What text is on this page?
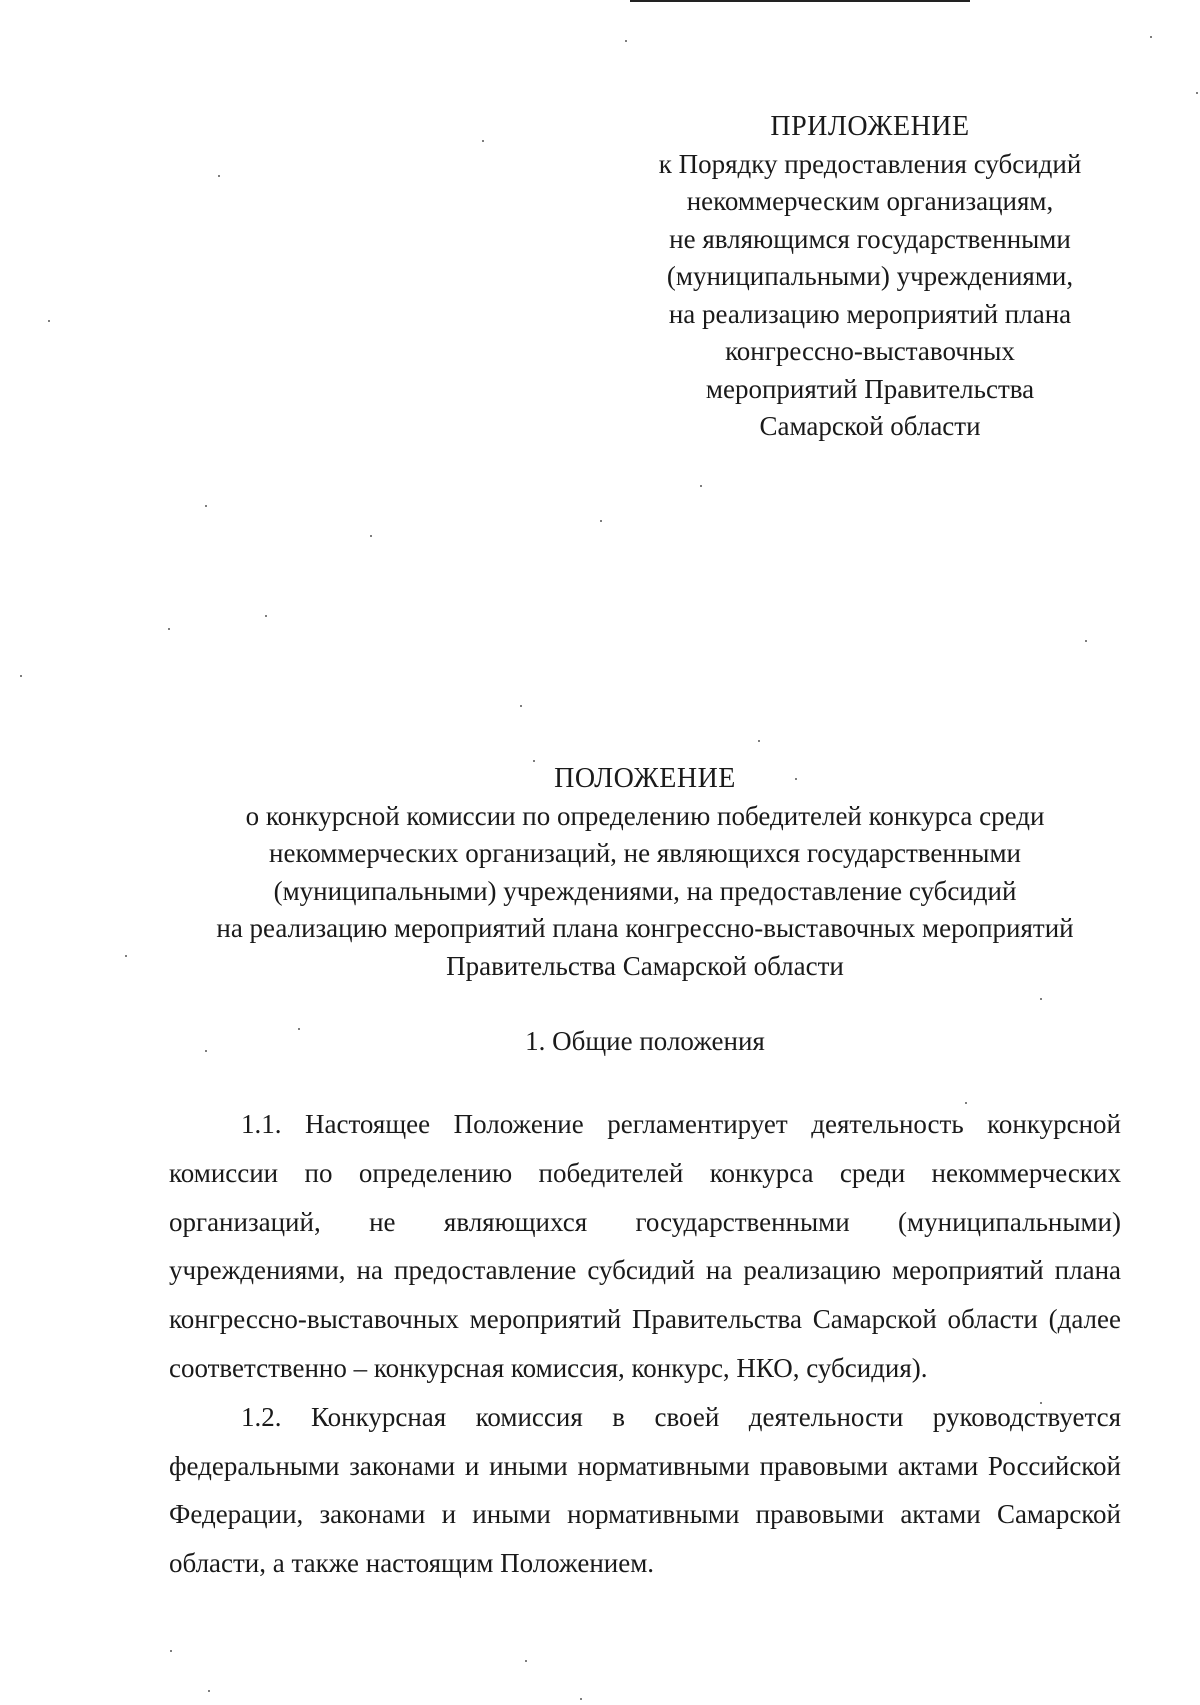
ПРИЛОЖЕНИЕ
к Порядку предоставления субсидий
некоммерческим организациям,
не являющимся государственными
(муниципальными) учреждениями,
на реализацию мероприятий плана
конгрессно-выставочных
мероприятий Правительства
Самарской области
ПОЛОЖЕНИЕ
о конкурсной комиссии по определению победителей конкурса среди
некоммерческих организаций, не являющихся государственными
(муниципальными) учреждениями, на предоставление субсидий
на реализацию мероприятий плана конгрессно-выставочных мероприятий
Правительства Самарской области
1. Общие положения

1.1. Настоящее Положение регламентирует деятельность конкурсной комиссии по определению победителей конкурса среди некоммерческих организаций, не являющихся государственными (муниципальными) учреждениями, на предоставление субсидий на реализацию мероприятий плана конгрессно-выставочных мероприятий Правительства Самарской области (далее соответственно – конкурсная комиссия, конкурс, НКО, субсидия).

1.2. Конкурсная комиссия в своей деятельности руководствуется федеральными законами и иными нормативными правовыми актами Российской Федерации, законами и иными нормативными правовыми актами Самарской области, а также настоящим Положением.
